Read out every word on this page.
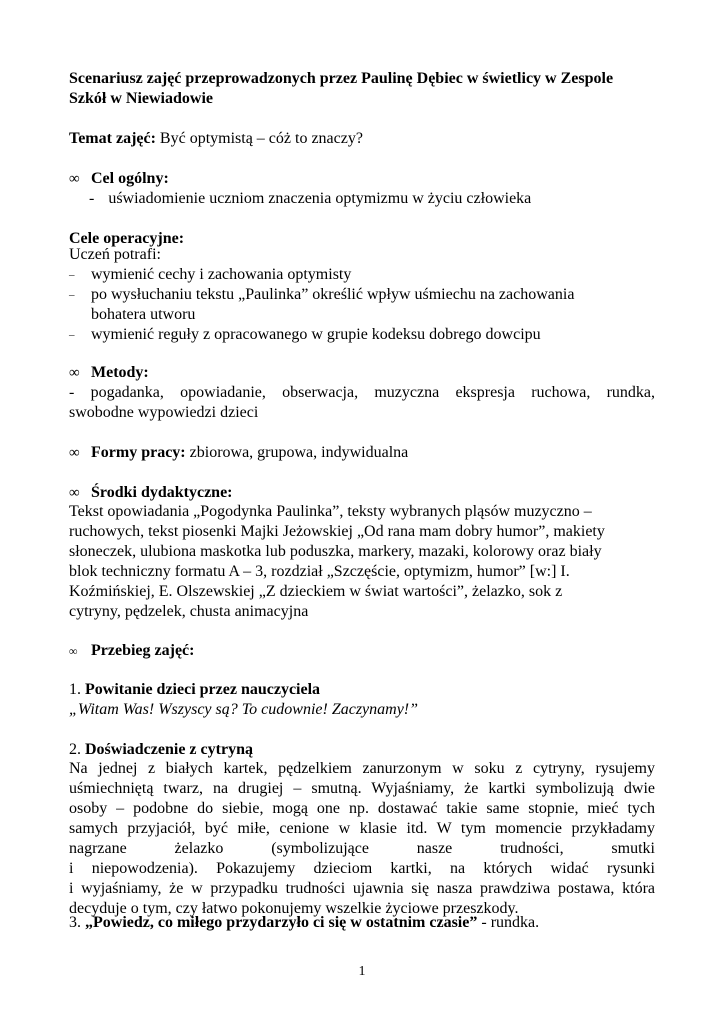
Scenariusz zajęć przeprowadzonych przez Paulinę Dębiec w świetlicy w Zespole
Szkół w Niewiadowie
Temat zajęć: Być optymistą – cóż to znaczy?
∞ Cel ogólny:
- uświadomienie uczniom znaczenia optymizmu w życiu człowieka
Cele operacyjne:
Uczeń potrafi:
– wymienić cechy i zachowania optymisty
– po wysłuchaniu tekstu „Paulinka” określić wpływ uśmiechu na zachowania
bohatera utworu
– wymienić reguły z opracowanego w grupie kodeksu dobrego dowcipu
∞ Metody:
- pogadanka, opowiadanie, obserwacja, muzyczna ekspresja ruchowa, rundka,
swobodne wypowiedzi dzieci
∞ Formy pracy: zbiorowa, grupowa, indywidualna
∞ Środki dydaktyczne:
Tekst opowiadania „Pogodynka Paulinka”, teksty wybranych pląsów muzyczno –
ruchowych, tekst piosenki Majki Jeżowskiej „Od rana mam dobry humor”, makiety
słoneczek, ulubiona maskotka lub poduszka, markery, mazaki, kolorowy oraz biały
blok techniczny formatu A – 3, rozdział „Szczęście, optymizm, humor” [w:] I.
Koźmińskiej, E. Olszewskiej „Z dzieckiem w świat wartości”, żelazko, sok z
cytryny, pędzelek, chusta animacyjna
∞ Przebieg zajęć:
1. Powitanie dzieci przez nauczyciela
„Witam Was! Wszyscy są? To cudownie! Zaczynamy!”
2. Doświadczenie z cytryną
Na jednej z białych kartek, pędzelkiem zanurzonym w soku z cytryny, rysujemy
uśmiechniętą twarz, na drugiej – smutną. Wyjaśniamy, że kartki symbolizują dwie
osoby – podobne do siebie, mogą one np. dostawać takie same stopnie, mieć tych
samych przyjaciół, być miłe, cenione w klasie itd. W tym momencie przykładamy
nagrzane żelazko (symbolizujące nasze trudności, smutki
i niepowodzenia). Pokazujemy dzieciom kartki, na których widać rysunki
i wyjaśniamy, że w przypadku trudności ujawnia się nasza prawdziwa postawa, która
decyduje o tym, czy łatwo pokonujemy wszelkie życiowe przeszkody.
3. „Powiedz, co miłego przydarzyło ci się w ostatnim czasie” - rundka.
1
